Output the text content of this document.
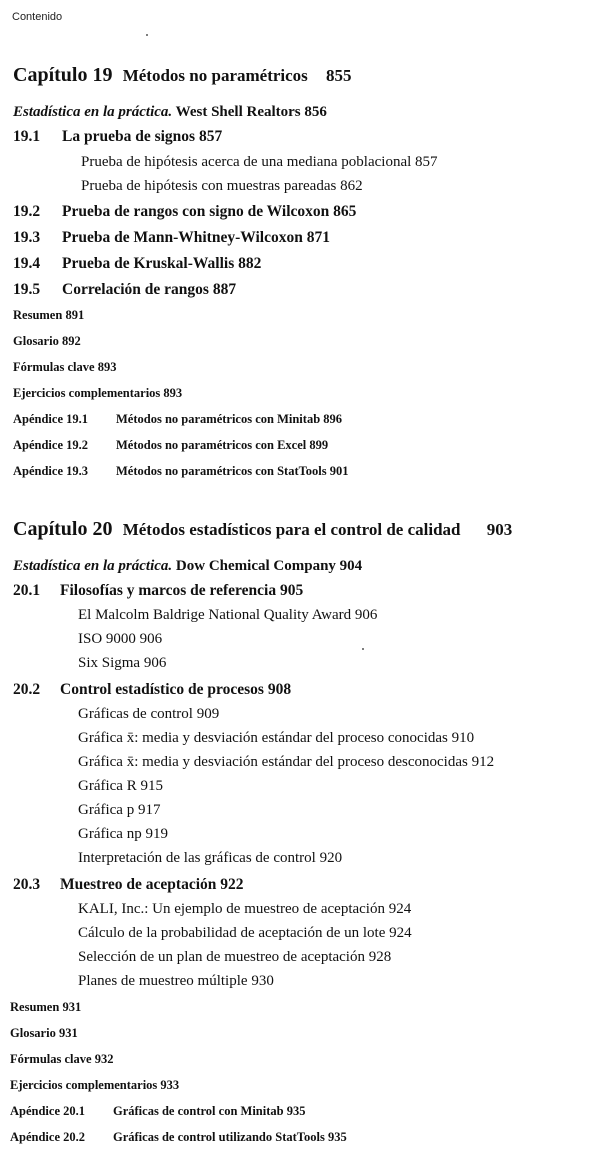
Contenido
Capítulo 19 Métodos no paramétricos 855
Estadística en la práctica. West Shell Realtors 856
19.1 La prueba de signos 857
Prueba de hipótesis acerca de una mediana poblacional 857
Prueba de hipótesis con muestras pareadas 862
19.2 Prueba de rangos con signo de Wilcoxon 865
19.3 Prueba de Mann-Whitney-Wilcoxon 871
19.4 Prueba de Kruskal-Wallis 882
19.5 Correlación de rangos 887
Resumen 891
Glosario 892
Fórmulas clave 893
Ejercicios complementarios 893
Apéndice 19.1 Métodos no paramétricos con Minitab 896
Apéndice 19.2 Métodos no paramétricos con Excel 899
Apéndice 19.3 Métodos no paramétricos con StatTools 901
Capítulo 20 Métodos estadísticos para el control de calidad 903
Estadística en la práctica. Dow Chemical Company 904
20.1 Filosofías y marcos de referencia 905
El Malcolm Baldrige National Quality Award 906
ISO 9000 906
Six Sigma 906
20.2 Control estadístico de procesos 908
Gráficas de control 909
Gráfica x̄: media y desviación estándar del proceso conocidas 910
Gráfica x̄: media y desviación estándar del proceso desconocidas 912
Gráfica R 915
Gráfica p 917
Gráfica np 919
Interpretación de las gráficas de control 920
20.3 Muestreo de aceptación 922
KALI, Inc.: Un ejemplo de muestreo de aceptación 924
Cálculo de la probabilidad de aceptación de un lote 924
Selección de un plan de muestreo de aceptación 928
Planes de muestreo múltiple 930
Resumen 931
Glosario 931
Fórmulas clave 932
Ejercicios complementarios 933
Apéndice 20.1 Gráficas de control con Minitab 935
Apéndice 20.2 Gráficas de control utilizando StatTools 935
